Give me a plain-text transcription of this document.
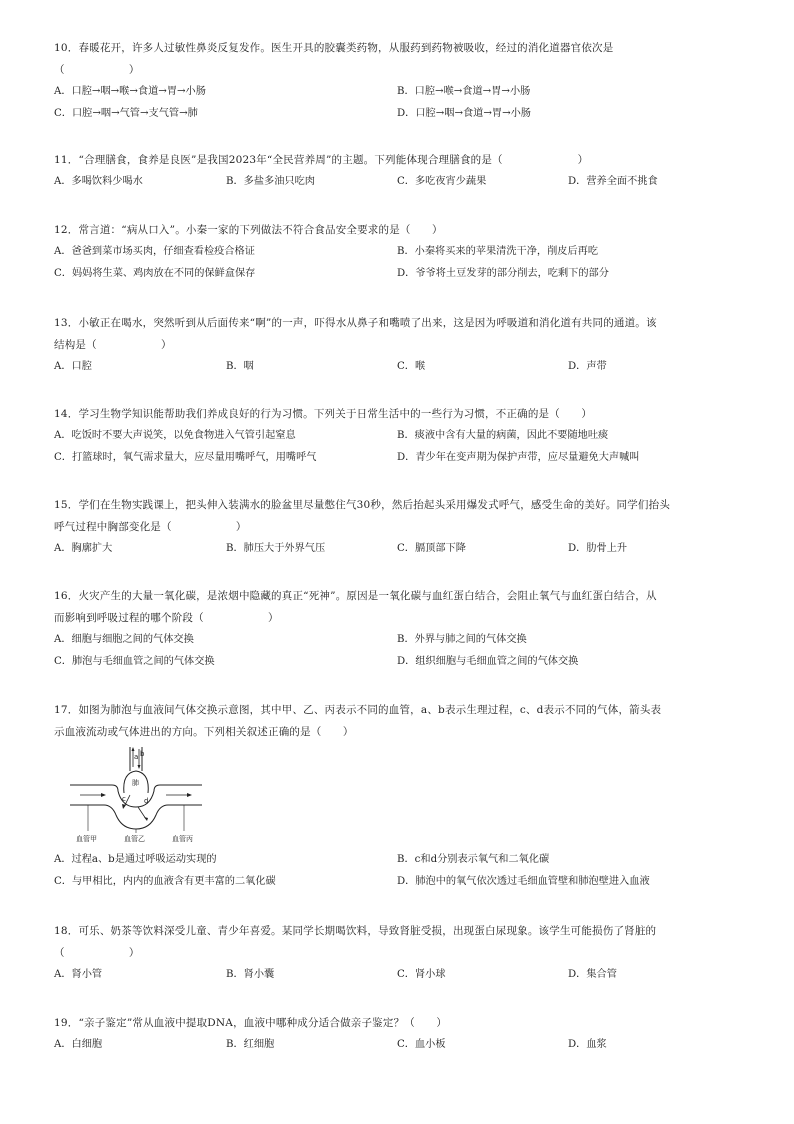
10．春暖花开，许多人过敏性鼻炎反复发作。医生开具的胶囊类药物，从服药到药物被吸收，经过的消化道器官依次是

（　　　　　　）

A．口腔→咽→喉→食道→胃→小肠	B．口腔→喉→食道→胃→小肠
C．口腔→咽→气管→支气管→肺	D．口腔→咽→食道→胃→小肠

11．“合理膳食，食养是良医”是我国2023年“全民营养周”的主题。下列能体现合理膳食的是（　　　　　　　）

A．多喝饮料少喝水	B．多盐多油只吃肉	C．多吃夜宵少蔬果	D．营养全面不挑食

12．常言道：“病从口入”。小秦一家的下列做法不符合食品安全要求的是（　　）

A．爸爸到菜市场买肉，仔细查看检疫合格证	B．小秦将买来的苹果清洗干净，削皮后再吃
C．妈妈将生菜、鸡肉放在不同的保鲜盒保存	D．爷爷将土豆发芽的部分削去，吃剩下的部分

13．小敏正在喝水，突然听到从后面传来“啊”的一声，吓得水从鼻子和嘴喷了出来，这是因为呼吸道和消化道有共同的通道。该

结构是（　　　　　　）

A．口腔	B．咽	C．喉	D．声带

14．学习生物学知识能帮助我们养成良好的行为习惯。下列关于日常生活中的一些行为习惯，不正确的是（　　）

A．吃饭时不要大声说笑，以免食物进入气管引起窒息	B．痰液中含有大量的病菌，因此不要随地吐痰
C．打篮球时，氧气需求量大，应尽量用嘴呼气，用嘴呼气	D．青少年在变声期为保护声带，应尽量避免大声喊叫

15．学们在生物实践课上，把头伸入装满水的脸盆里尽量憋住气30秒，然后抬起头采用爆发式呼气，感受生命的美好。同学们抬头

呼气过程中胸部变化是（　　　　　　）

A．胸廓扩大	B．肺压大于外界气压	C．膈顶部下降	D．肋骨上升

16．火灾产生的大量一氧化碳，是浓烟中隐藏的真正“死神”。原因是一氧化碳与血红蛋白结合，会阻止氧气与血红蛋白结合，从

而影响到呼吸过程的哪个阶段（　　　　　　）

A．细胞与细胞之间的气体交换	B．外界与肺之间的气体交换
C．肺泡与毛细血管之间的气体交换	D．组织细胞与毛细血管之间的气体交换

17．如图为肺泡与血液间气体交换示意图，其中甲、乙、丙表示不同的血管，a、b表示生理过程，c、d表示不同的气体，箭头表

示血液流动或气体进出的方向。下列相关叙述正确的是（　　）

a b
肺
c	d
血管甲	血管乙	血管丙
A．过程a、b是通过呼吸运动实现的	B．c和d分别表示氧气和二氧化碳
C．与甲相比，内内的血液含有更丰富的二氧化碳	D．肺泡中的氧气依次透过毛细血管壁和肺泡壁进入血液

18．可乐、奶茶等饮料深受儿童、青少年喜爱。某同学长期喝饮料，导致肾脏受损，出现蛋白尿现象。该学生可能损伤了肾脏的

（　　　　　　）

A．肾小管	B．肾小囊	C．肾小球	D．集合管

19．“亲子鉴定”常从血液中提取DNA，血液中哪种成分适合做亲子鉴定？（　　）

A．白细胞	B．红细胞	C．血小板	D．血浆
